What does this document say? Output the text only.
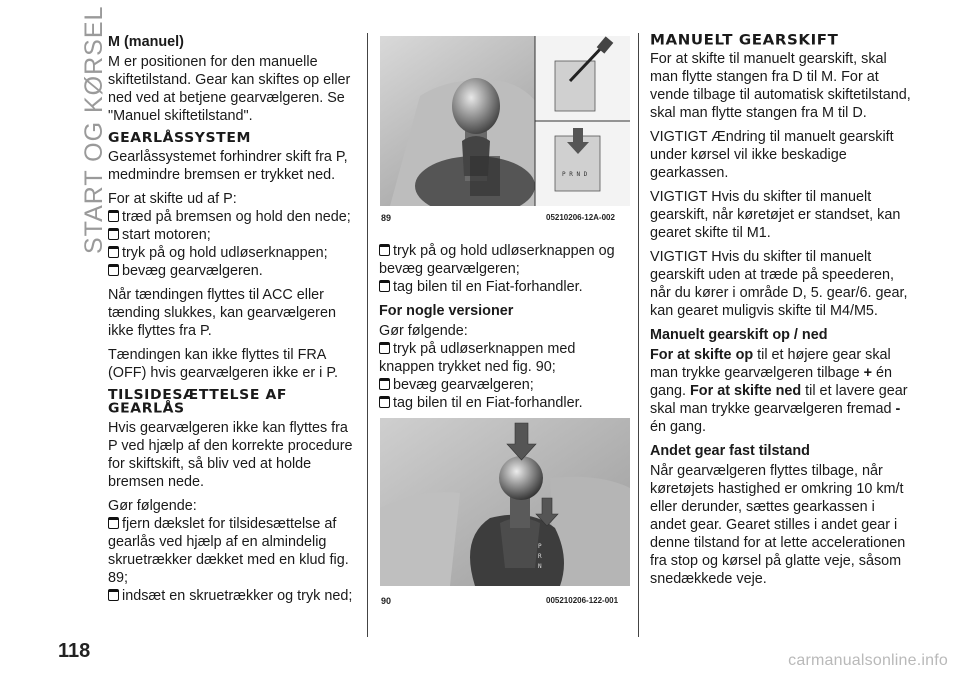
START OG KØRSEL M (manuel)

M er positionen for den manuelle skiftetilstand. Gear kan skiftes op eller ned ved at betjene gearvælgeren. Se "Manuel skiftetilstand".

GEARLÅSSYSTEM

Gearlåssystemet forhindrer skift fra P, medmindre bremsen er trykket ned.

For at skifte ud af P:

træd på bremsen og hold den nede;
start motoren;
tryk på og hold udløserknappen;
bevæg gearvælgeren.

Når tændingen flyttes til ACC eller tænding slukkes, kan gearvælgeren ikke flyttes fra P.

Tændingen kan ikke flyttes til FRA (OFF) hvis gearvælgeren ikke er i P.

TILSIDESÆTTELSE AF GEARLÅS

Hvis gearvælgeren ikke kan flyttes fra P ved hjælp af den korrekte procedure for skiftskift, så bliv ved at holde bremsen nede.

Gør følgende:

fjern dækslet for tilsidesættelse af gearlås ved hjælp af en almindelig skruetrækker dækket med en klud fig. 89;
indsæt en skruetrækker og tryk ned;
P R N D
89	05210206-12A-002
tryk på og hold udløserknappen og bevæg gearvælgeren;
tag bilen til en Fiat-forhandler.
For nogle versioner

Gør følgende:

tryk på udløserknappen med knappen trykket ned fig. 90;
bevæg gearvælgeren;
tag bilen til en Fiat-forhandler.
P
R
N
90	005210206-122-001
MANUELT GEARSKIFT

For at skifte til manuelt gearskift, skal man flytte stangen fra D til M. For at vende tilbage til automatisk skiftetilstand, skal man flytte stangen fra M til D.

VIGTIGT Ændring til manuelt gearskift under kørsel vil ikke beskadige gearkassen.

VIGTIGT Hvis du skifter til manuelt gearskift, når køretøjet er standset, kan gearet skifte til M1.

VIGTIGT Hvis du skifter til manuelt gearskift uden at træde på speederen, når du kører i område D, 5. gear/6. gear, kan gearet muligvis skifte til M4/M5.

Manuelt gearskift op / ned

For at skifte op til et højere gear skal man trykke gearvælgeren tilbage + én gang. For at skifte ned til et lavere gear skal man trykke gearvælgeren fremad - én gang.

Andet gear fast tilstand

Når gearvælgeren flyttes tilbage, når køretøjets hastighed er omkring 10 km/t eller derunder, sættes gearkassen i andet gear. Gearet stilles i andet gear i denne tilstand for at lette accelerationen fra stop og kørsel på glatte veje, såsom snedækkede veje.

118	carmanualsonline.info
